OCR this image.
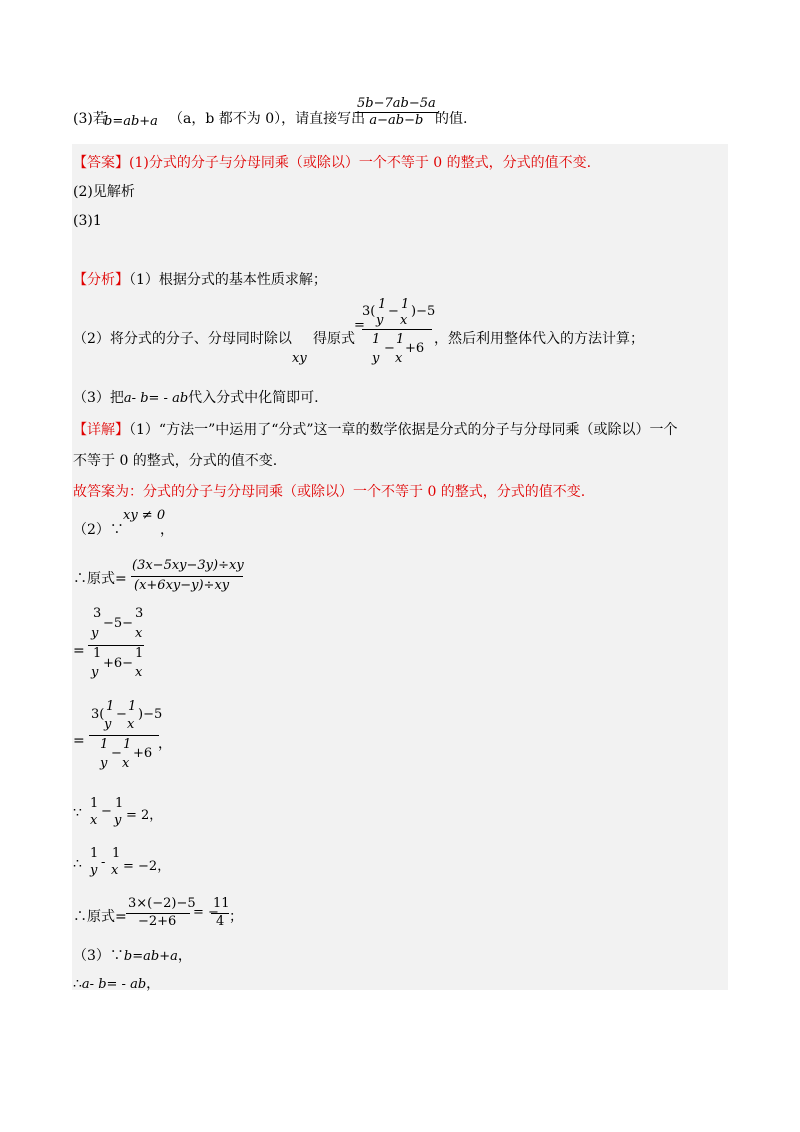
(3)若
b=ab+a （a，b 都不为 0），请直接写出
$\frac{5b-7ab-5a}{a-ab-b}$
的值.
【答案】(1)分式的分子与分母同乘（或除以）一个不等于 0 的整式，分式的值不变.
(2)见解析
(3)1
【分析】（1）根据分式的基本性质求解；
（2）将分式的分子、分母同时除以
xy
得原式
=
3( 1
y
− 1
x
)−5
1
y
−
1
x
+6
，然后利用整体代入的方法计算；
（3）把a- b= - ab代入分式中化简即可.
【详解】（1）“方法一”中运用了“分式”这一章的数学依据是分式的分子与分母同乘（或除以）一个
不等于 0 的整式，分式的值不变.
故答案为：分式的分子与分母同乘（或除以）一个不等于 0 的整式，分式的值不变.
（2）∵
xy ≠ 0
，
∴原式=
(3x−5xy−3y)÷xy
(x+6xy−y)÷xy
=
3
y
−5−
3
x
1
y
+6−
1
x
=
3(
1
y
−
1
x
)−5
1
y
−
1
x
+6
，
∵
1
x
−
1
y = 2，
∴
1
y
-
1
x = −2，
∴原式=
3×(−2)−5
−2+6
= −
11
4 ；
（3）∵b=ab+a，
∴a- b= - ab，
